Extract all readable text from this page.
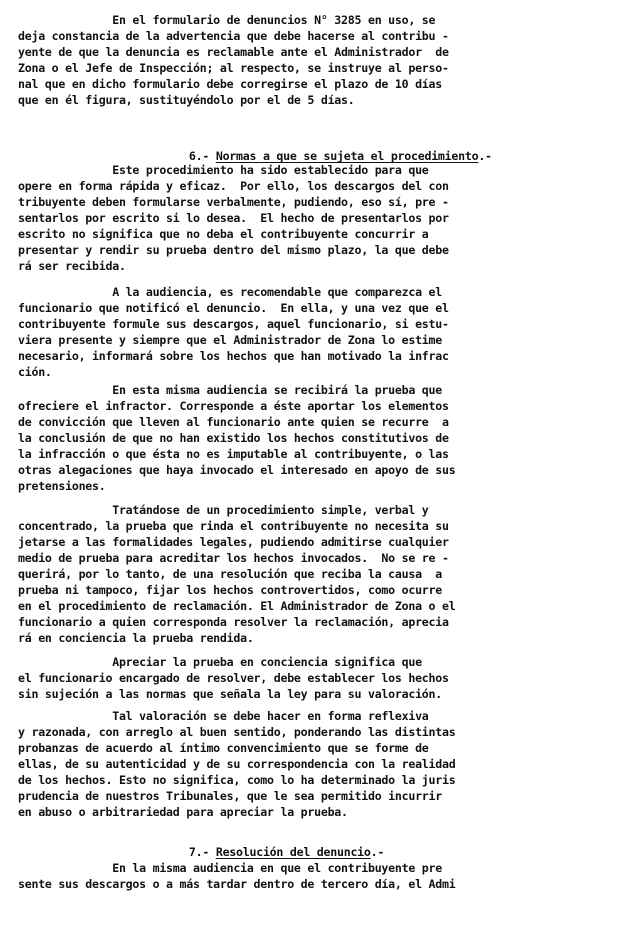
En el formulario de denuncios N° 3285 en uso, se
deja constancia de la advertencia que debe hacerse al contribu -
yente de que la denuncia es reclamable ante el Administrador  de
Zona o el Jefe de Inspección; al respecto, se instruye al perso-
nal que en dicho formulario debe corregirse el plazo de 10 días
que en él figura, sustituyéndolo por el de 5 días.

6.- Normas a que se sujeta el procedimiento.-

Este procedimiento ha sido establecido para que
opere en forma rápida y eficaz.  Por ello, los descargos del con
tribuyente deben formularse verbalmente, pudiendo, eso sí, pre -
sentarlos por escrito si lo desea.  El hecho de presentarlos por
escrito no significa que no deba el contribuyente concurrir a
presentar y rendir su prueba dentro del mismo plazo, la que debe
rá ser recibida.
A la audiencia, es recomendable que comparezca el
funcionario que notificó el denuncio.  En ella, y una vez que el
contribuyente formule sus descargos, aquel funcionario, si estu-
viera presente y siempre que el Administrador de Zona lo estime
necesario, informará sobre los hechos que han motivado la infrac
ción.
En esta misma audiencia se recibirá la prueba que
ofreciere el infractor. Corresponde a éste aportar los elementos
de convicción que lleven al funcionario ante quien se recurre  a
la conclusión de que no han existido los hechos constitutivos de
la infracción o que ésta no es imputable al contribuyente, o las
otras alegaciones que haya invocado el interesado en apoyo de sus
pretensiones.
Tratándose de un procedimiento simple, verbal y
concentrado, la prueba que rinda el contribuyente no necesita su
jetarse a las formalidades legales, pudiendo admitirse cualquier
medio de prueba para acreditar los hechos invocados.  No se re -
querirá, por lo tanto, de una resolución que reciba la causa  a
prueba ni tampoco, fijar los hechos controvertidos, como ocurre
en el procedimiento de reclamación. El Administrador de Zona o el
funcionario a quien corresponda resolver la reclamación, aprecia
rá en conciencia la prueba rendida.
Apreciar la prueba en conciencia significa que
el funcionario encargado de resolver, debe establecer los hechos
sin sujeción a las normas que señala la ley para su valoración.
Tal valoración se debe hacer en forma reflexiva
y razonada, con arreglo al buen sentido, ponderando las distintas
probanzas de acuerdo al íntimo convencimiento que se forme de
ellas, de su autenticidad y de su correspondencia con la realidad
de los hechos. Esto no significa, como lo ha determinado la juris
prudencia de nuestros Tribunales, que le sea permitido incurrir
en abuso o arbitrariedad para apreciar la prueba.

7.- Resolución del denuncio.-

En la misma audiencia en que el contribuyente pre
sente sus descargos o a más tardar dentro de tercero día, el Admi
